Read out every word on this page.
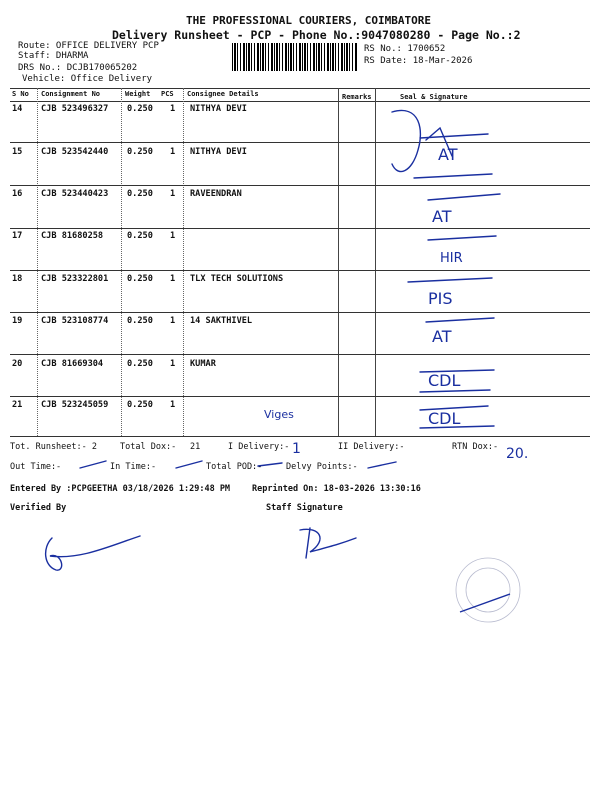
THE PROFESSIONAL COURIERS, COIMBATORE
Delivery Runsheet - PCP - Phone No.:9047080280 - Page No.:2
Route: OFFICE DELIVERY PCP
Staff: DHARMA
DRS No.: DCJB170065202
Vehicle: Office Delivery
RS No.: 1700652
RS Date: 18-Mar-2026
S No Consignment No	Weight PCS Consignee Details	Remarks	Seal & Signature
14 CJB 523496327 0.250 1 NITHYA DEVI
15 CJB 523542440 0.250 1 NITHYA DEVI
16 CJB 523440423 0.250 1 RAVEENDRAN
17 CJB 81680258	0.250 1
18 CJB 523322801 0.250 1 TLX TECH SOLUTIONS
19 CJB 523108774 0.250 1 14 SAKTHIVEL
20 CJB 81669304	0.250 1 KUMAR
21 CJB 523245059 0.250 1
Tot. Runsheet:- 2	Total Dox:- 21	I Delivery:-	II Delivery:-	RTN Dox:-
Out Time:-	In Time:-	Total POD:-	Delvy Points:-
Entered By :PCPGEETHA 03/18/2026 1:29:48 PM	Reprinted On: 18-03-2026 13:30:16
Verified By	Staff Signature
AT
AT
HIR
PIS
AT
CDL
CDL
Viges
1	20.
